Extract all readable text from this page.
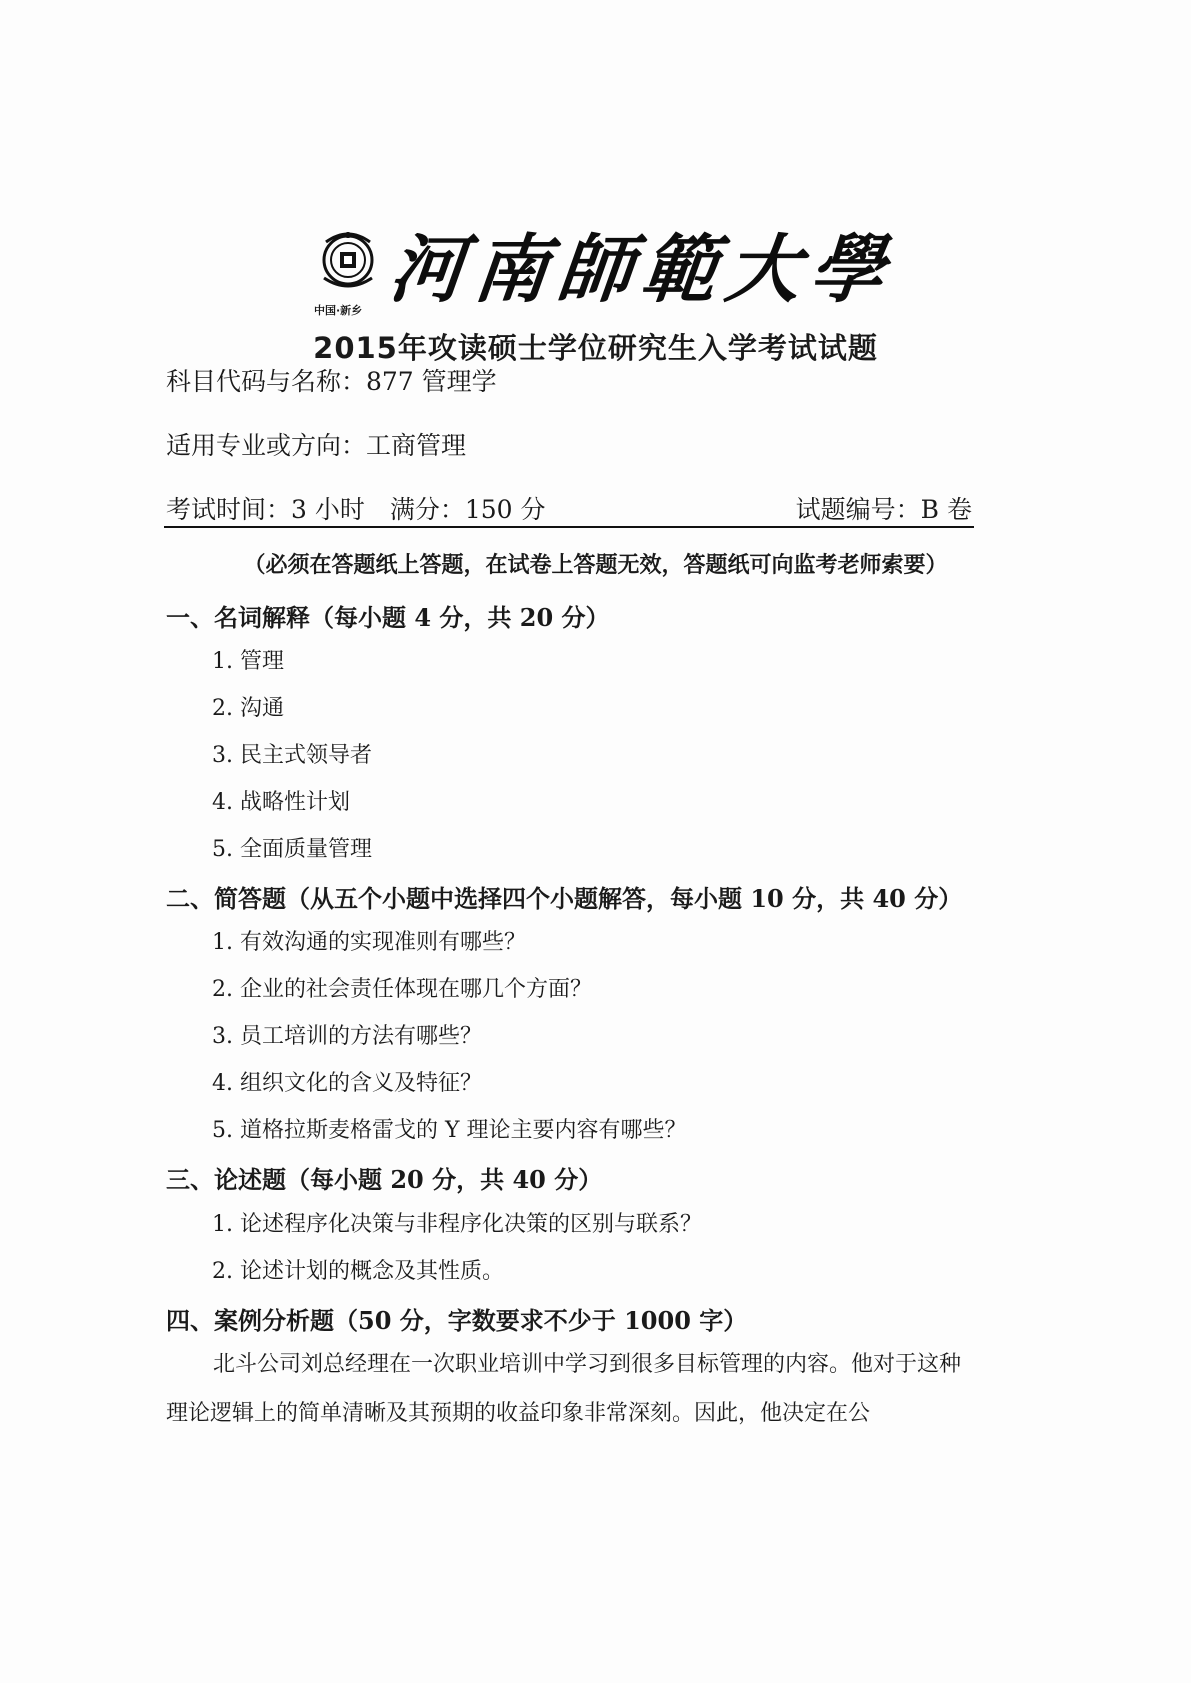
中国·新乡 河南師範大學
2015年攻读硕士学位研究生入学考试试题
科目代码与名称：877 管理学
适用专业或方向：工商管理
考试时间：3 小时　满分：150 分	试题编号：B 卷
（必须在答题纸上答题，在试卷上答题无效，答题纸可向监考老师索要）
一、名词解释（每小题 4 分，共 20 分）
1. 管理
2. 沟通
3. 民主式领导者
4. 战略性计划
5. 全面质量管理
二、简答题（从五个小题中选择四个小题解答，每小题 10 分，共 40 分）
1. 有效沟通的实现准则有哪些？
2. 企业的社会责任体现在哪几个方面？
3. 员工培训的方法有哪些？
4. 组织文化的含义及特征？
5. 道格拉斯麦格雷戈的 Y 理论主要内容有哪些？
三、论述题（每小题 20 分，共 40 分）
1. 论述程序化决策与非程序化决策的区别与联系？
2. 论述计划的概念及其性质。
四、案例分析题（50 分，字数要求不少于 1000 字）
北斗公司刘总经理在一次职业培训中学习到很多目标管理的内容。他对于这种理论逻辑上的简单清晰及其预期的收益印象非常深刻。因此，他决定在公
